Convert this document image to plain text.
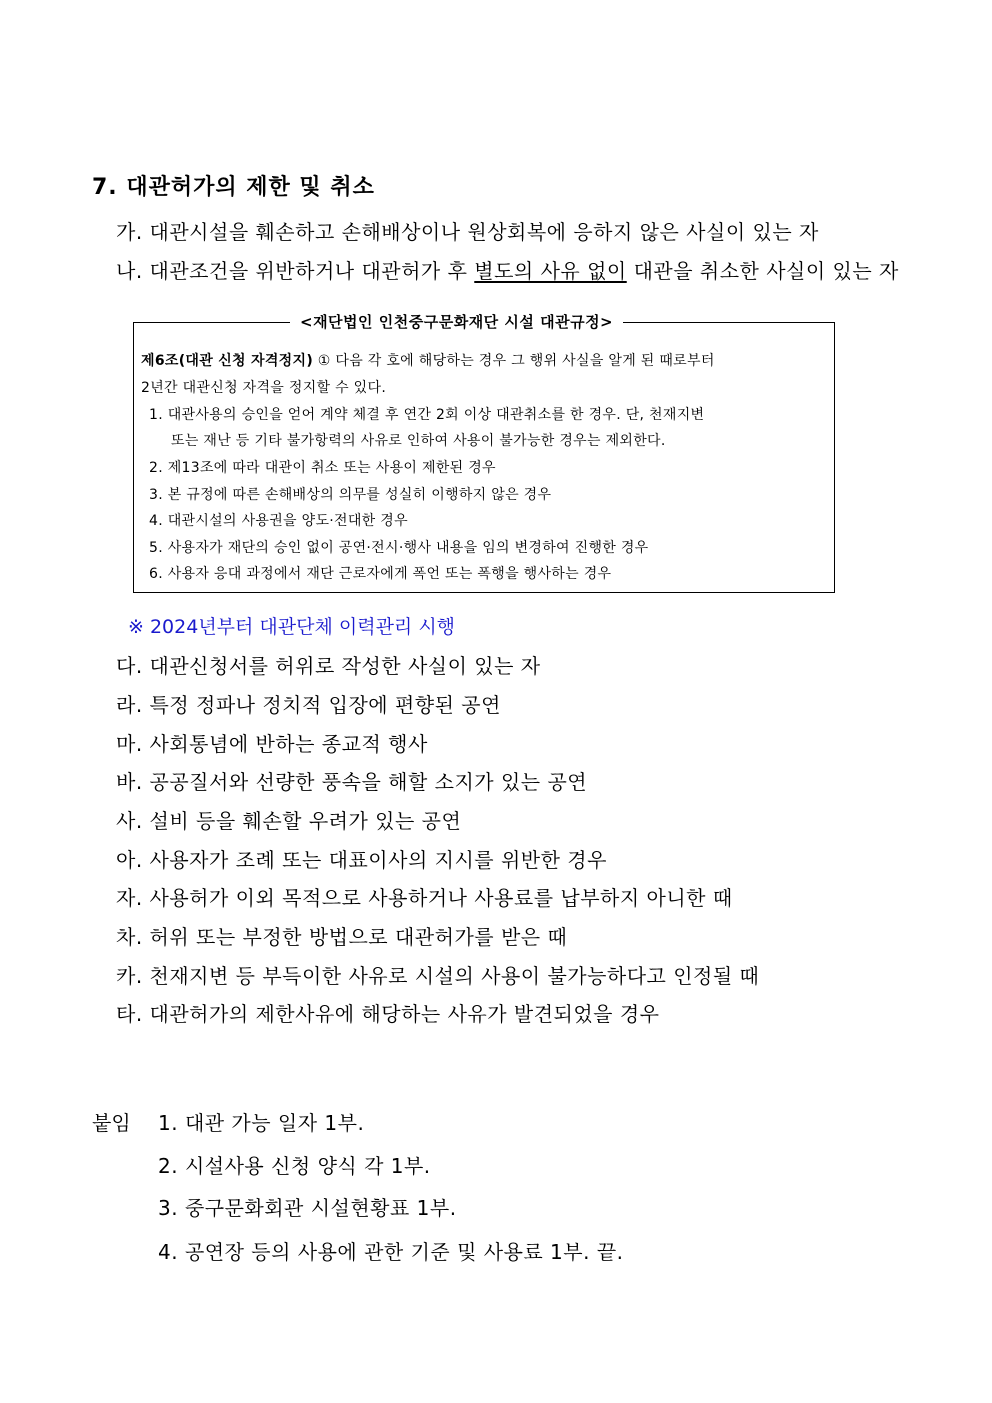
7. 대관허가의 제한 및 취소
가. 대관시설을 훼손하고 손해배상이나 원상회복에 응하지 않은 사실이 있는 자
나. 대관조건을 위반하거나 대관허가 후 별도의 사유 없이 대관을 취소한 사실이 있는 자
<재단법인 인천중구문화재단 시설 대관규정>
제6조(대관 신청 자격정지) ① 다음 각 호에 해당하는 경우 그 행위 사실을 알게 된 때로부터
2년간 대관신청 자격을 정지할 수 있다.
1. 대관사용의 승인을 얻어 계약 체결 후 연간 2회 이상 대관취소를 한 경우. 단, 천재지변
또는 재난 등 기타 불가항력의 사유로 인하여 사용이 불가능한 경우는 제외한다.
2. 제13조에 따라 대관이 취소 또는 사용이 제한된 경우
3. 본 규정에 따른 손해배상의 의무를 성실히 이행하지 않은 경우
4. 대관시설의 사용권을 양도·전대한 경우
5. 사용자가 재단의 승인 없이 공연·전시·행사 내용을 임의 변경하여 진행한 경우
6. 사용자 응대 과정에서 재단 근로자에게 폭언 또는 폭행을 행사하는 경우
※ 2024년부터 대관단체 이력관리 시행
다. 대관신청서를 허위로 작성한 사실이 있는 자
라. 특정 정파나 정치적 입장에 편향된 공연
마. 사회통념에 반하는 종교적 행사
바. 공공질서와 선량한 풍속을 해할 소지가 있는 공연
사. 설비 등을 훼손할 우려가 있는 공연
아. 사용자가 조례 또는 대표이사의 지시를 위반한 경우
자. 사용허가 이외 목적으로 사용하거나 사용료를 납부하지 아니한 때
차. 허위 또는 부정한 방법으로 대관허가를 받은 때
카. 천재지변 등 부득이한 사유로 시설의 사용이 불가능하다고 인정될 때
타. 대관허가의 제한사유에 해당하는 사유가 발견되었을 경우
붙임 1. 대관 가능 일자 1부.
2. 시설사용 신청 양식 각 1부.
3. 중구문화회관 시설현황표 1부.
4. 공연장 등의 사용에 관한 기준 및 사용료 1부. 끝.
